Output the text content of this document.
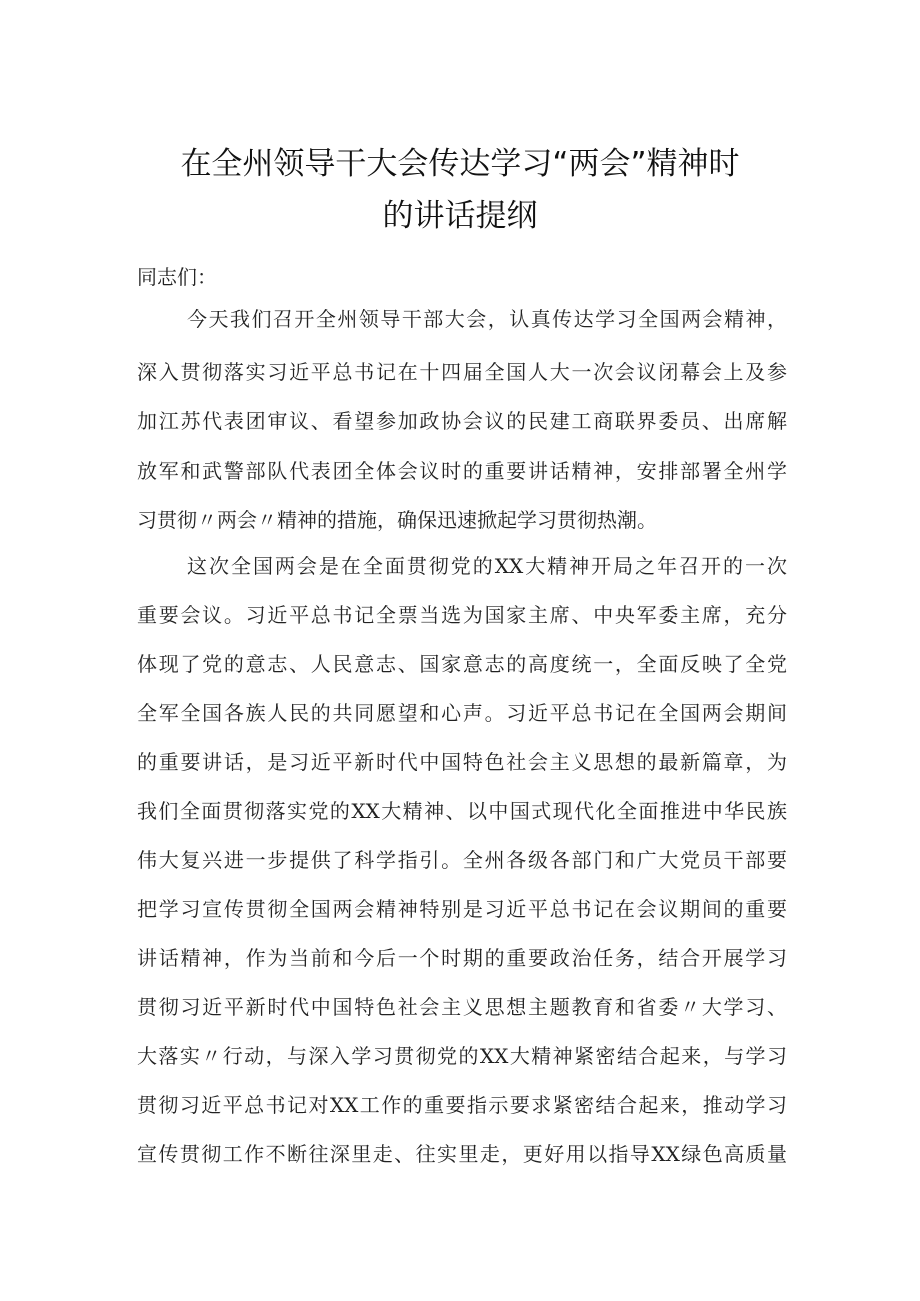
在全州领导干大会传达学习“两会”精神时
的讲话提纲
同志们：
今天我们召开全州领导干部大会，认真传达学习全国两会精神，
深入贯彻落实习近平总书记在十四届全国人大一次会议闭幕会上及参
加江苏代表团审议、看望参加政协会议的民建工商联界委员、出席解
放军和武警部队代表团全体会议时的重要讲话精神，安排部署全州学
习贯彻〃两会〃精神的措施，确保迅速掀起学习贯彻热潮。
这次全国两会是在全面贯彻党的XX大精神开局之年召开的一次
重要会议。习近平总书记全票当选为国家主席、中央军委主席，充分
体现了党的意志、人民意志、国家意志的高度统一，全面反映了全党
全军全国各族人民的共同愿望和心声。习近平总书记在全国两会期间
的重要讲话，是习近平新时代中国特色社会主义思想的最新篇章，为
我们全面贯彻落实党的XX大精神、以中国式现代化全面推进中华民族
伟大复兴进一步提供了科学指引。全州各级各部门和广大党员干部要
把学习宣传贯彻全国两会精神特别是习近平总书记在会议期间的重要
讲话精神，作为当前和今后一个时期的重要政治任务，结合开展学习
贯彻习近平新时代中国特色社会主义思想主题教育和省委〃大学习、
大落实〃行动，与深入学习贯彻党的XX大精神紧密结合起来，与学习
贯彻习近平总书记对XX工作的重要指示要求紧密结合起来，推动学习
宣传贯彻工作不断往深里走、往实里走，更好用以指导XX绿色高质量
